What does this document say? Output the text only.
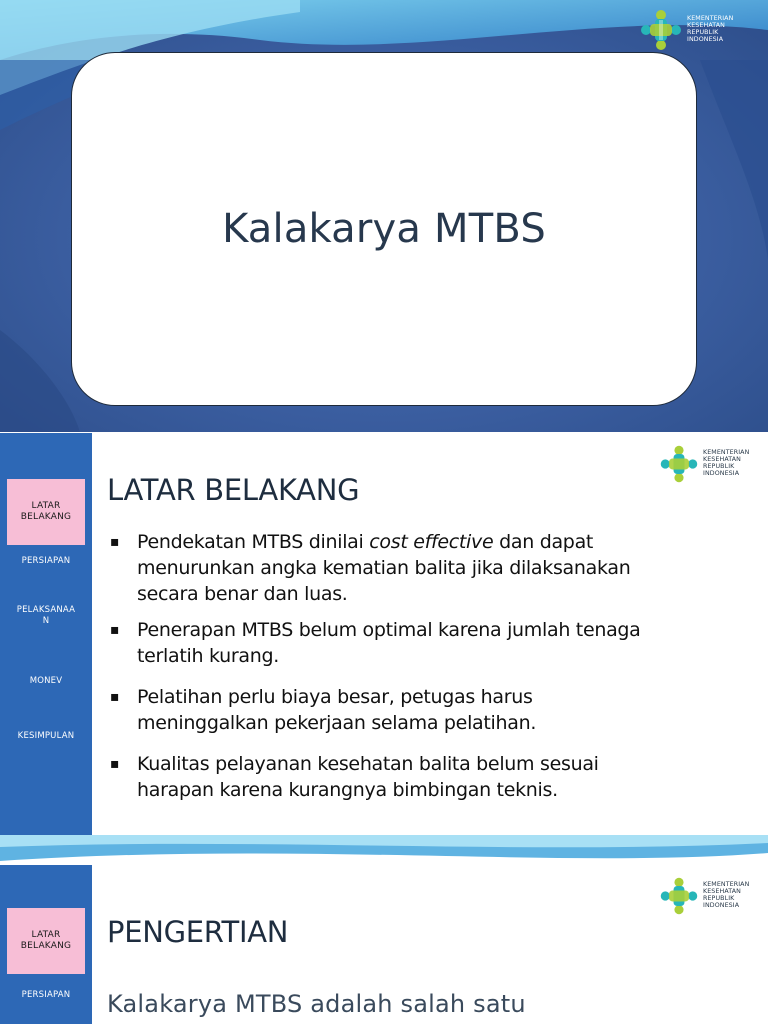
KEMENTERIAN
KESEHATAN
REPUBLIK
INDONESIA
Kalakarya MTBS
LATAR
BELAKANG
PERSIAPAN
PELAKSANAA
N
MONEV
KESIMPULAN
KEMENTERIAN
KESEHATAN
REPUBLIK
INDONESIA
LATAR BELAKANG
▪ Pendekatan MTBS dinilai cost effective dan dapat
menurunkan angka kematian balita jika dilaksanakan
secara benar dan luas.
▪ Penerapan MTBS belum optimal karena jumlah tenaga
terlatih kurang.
▪ Pelatihan perlu biaya besar, petugas harus
meninggalkan pekerjaan selama pelatihan.
▪ Kualitas pelayanan kesehatan balita belum sesuai
harapan karena kurangnya bimbingan teknis.
LATAR
BELAKANG
PERSIAPAN
KEMENTERIAN
KESEHATAN
REPUBLIK
INDONESIA
PENGERTIAN
Kalakarya MTBS adalah salah satu
